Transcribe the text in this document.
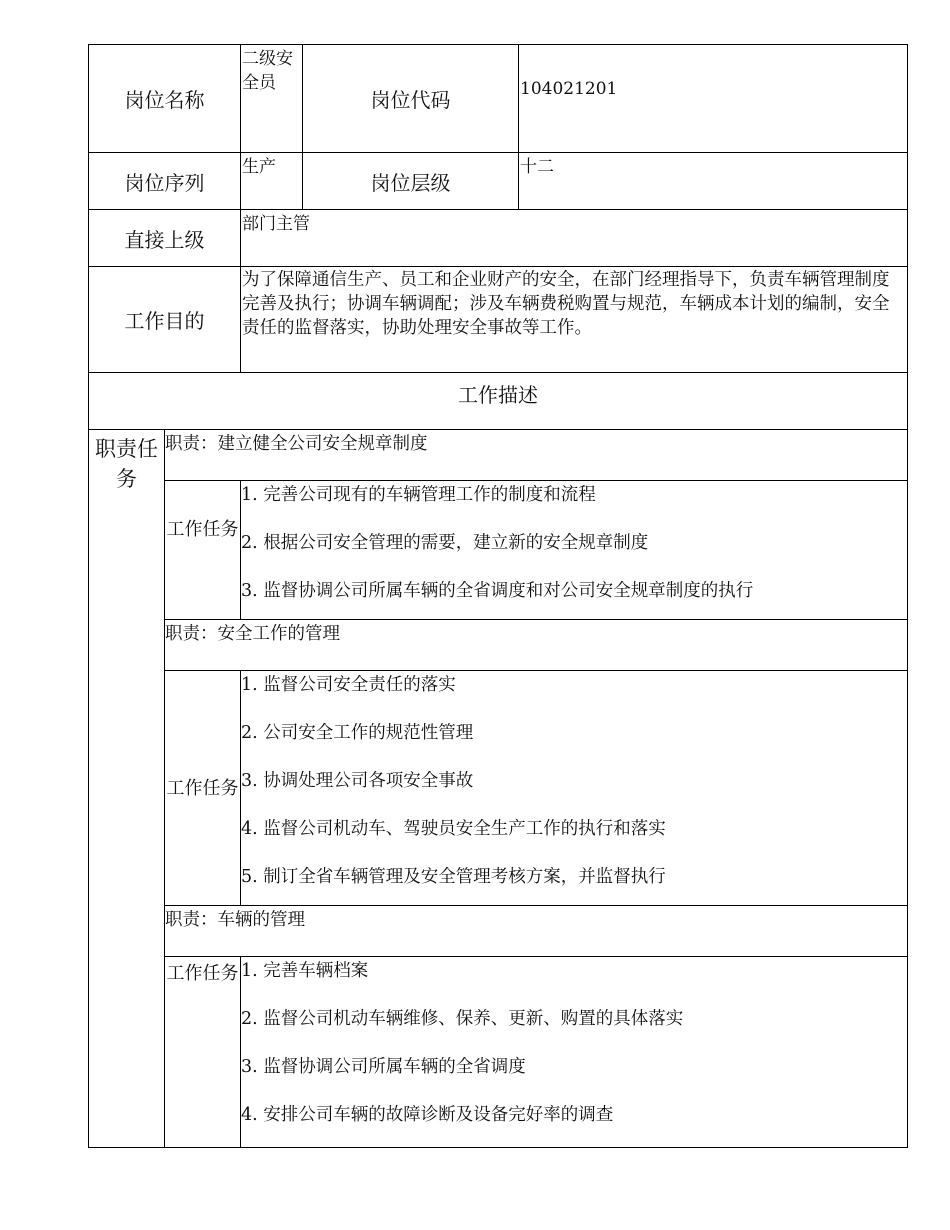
岗位名称		二级安全员	岗位代码	104021201
岗位序列		生产	岗位层级	十二
直接上级		部门主管		
工作目的		为了保障通信生产、员工和企业财产的安全，在部门经理指导下，负责车辆管理制度完善及执行；协调车辆调配；涉及车辆费税购置与规范，车辆成本计划的编制，安全责任的监督落实，协助处理安全事故等工作。		
工作描述				
职责任务	职责：建立健全公司安全规章制度			
	工作任务	1. 完善公司现有的车辆管理工作的制度和流程
2. 根据公司安全管理的需要，建立新的安全规章制度
3. 监督协调公司所属车辆的全省调度和对公司安全规章制度的执行		

	职责：安全工作的管理			
	工作任务	1. 监督公司安全责任的落实
2. 公司安全工作的规范性管理
3. 协调处理公司各项安全事故
4. 监督公司机动车、驾驶员安全生产工作的执行和落实
5. 制订全省车辆管理及安全管理考核方案，并监督执行		

	职责：车辆的管理			
	工作任务	1. 完善车辆档案
2. 监督公司机动车辆维修、保养、更新、购置的具体落实
3. 监督协调公司所属车辆的全省调度
4. 安排公司车辆的故障诊断及设备完好率的调查		
